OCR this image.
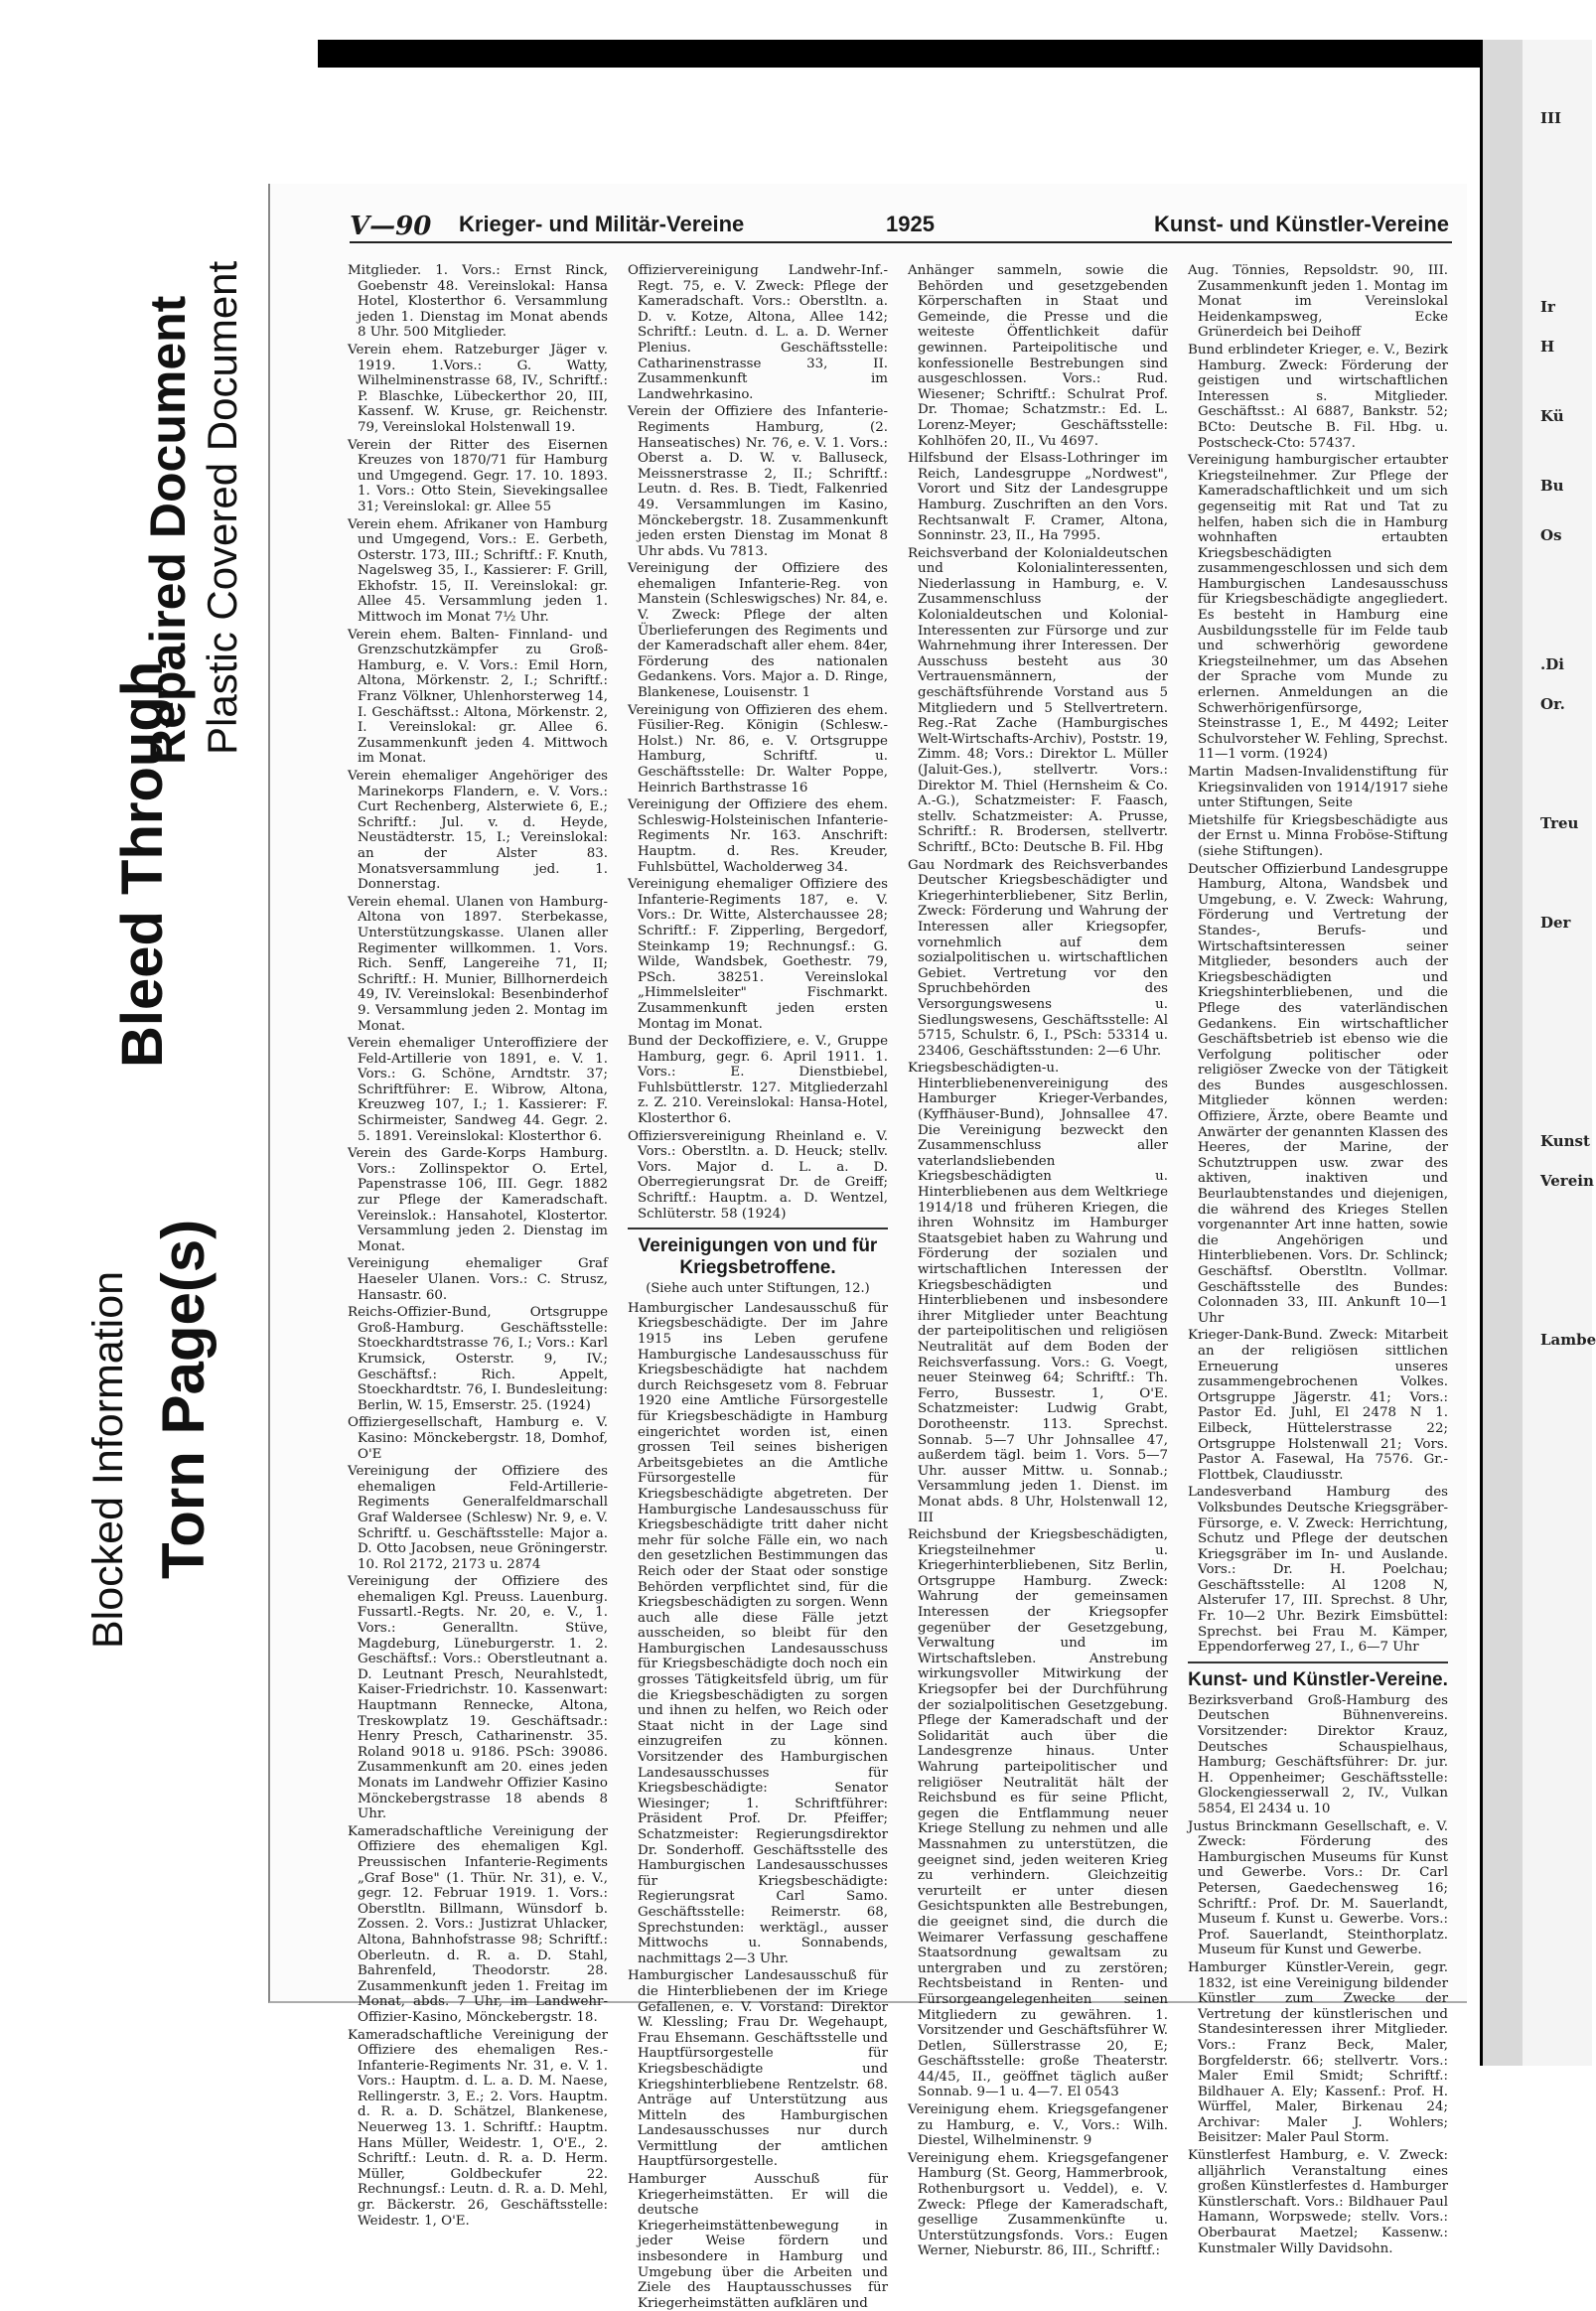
Blocked Information Torn Page(s)
Bleed Through
Repaired Document Plastic Covered Document
III
Ir
H
Kü
Bu
Os
.Di
Or.
Treu
Der
Kunst
Verein
Lambe
V—90 Krieger- und Militär-Vereine	1925	Kunst- und Künstler-Vereine

Mitglieder. 1. Vors.: Ernst Rinck, Goebenstr 48. Vereinslokal: Hansa Hotel, Klosterthor 6. Versammlung jeden 1. Dienstag im Monat abends 8 Uhr. 500 Mitglieder.

Verein ehem. Ratzeburger Jäger v. 1919. 1.Vors.: G. Watty, Wilhelminenstrasse 68, IV., Schriftf.: P. Blaschke, Lübeckerthor 20, III, Kassenf. W. Kruse, gr. Reichenstr. 79, Vereinslokal Holstenwall 19.

Verein der Ritter des Eisernen Kreuzes von 1870/71 für Hamburg und Umgegend. Gegr. 17. 10. 1893. 1. Vors.: Otto Stein, Sievekingsallee 31; Vereinslokal: gr. Allee 55

Verein ehem. Afrikaner von Hamburg und Umgegend, Vors.: E. Gerbeth, Osterstr. 173, III.; Schriftf.: F. Knuth, Nagelsweg 35, I., Kassierer: F. Grill, Ekhofstr. 15, II. Vereinslokal: gr. Allee 45. Versammlung jeden 1. Mittwoch im Monat 7½ Uhr.

Verein ehem. Balten- Finnland- und Grenzschutzkämpfer zu Groß-Hamburg, e. V. Vors.: Emil Horn, Altona, Mörkenstr. 2, I.; Schriftf.: Franz Völkner, Uhlenhorsterweg 14, I. Geschäftsst.: Altona, Mörkenstr. 2, I. Vereinslokal: gr. Allee 6. Zusammenkunft jeden 4. Mittwoch im Monat.

Verein ehemaliger Angehöriger des Marinekorps Flandern, e. V. Vors.: Curt Rechenberg, Alsterwiete 6, E.; Schriftf.: Jul. v. d. Heyde, Neustädterstr. 15, I.; Vereinslokal: an der Alster 83. Monatsversammlung jed. 1. Donnerstag.

Verein ehemal. Ulanen von Hamburg-Altona von 1897. Sterbekasse, Unterstützungskasse. Ulanen aller Regimenter willkommen. 1. Vors. Rich. Senff, Langereihe 71, II; Schriftf.: H. Munier, Billhornerdeich 49, IV. Vereinslokal: Besenbinderhof 9. Versammlung jeden 2. Montag im Monat.

Verein ehemaliger Unteroffiziere der Feld-Artillerie von 1891, e. V. 1. Vors.: G. Schöne, Arndtstr. 37; Schriftführer: E. Wibrow, Altona, Kreuzweg 107, I.; 1. Kassierer: F. Schirmeister, Sandweg 44. Gegr. 2. 5. 1891. Vereinslokal: Klosterthor 6.

Verein des Garde-Korps Hamburg. Vors.: Zollinspektor O. Ertel, Papenstrasse 106, III. Gegr. 1882 zur Pflege der Kameradschaft. Vereinslok.: Hansahotel, Klostertor. Versammlung jeden 2. Dienstag im Monat.

Vereinigung ehemaliger Graf Haeseler Ulanen. Vors.: C. Strusz, Hansastr. 60.

Reichs-Offizier-Bund, Ortsgruppe Groß-Hamburg. Geschäftsstelle: Stoeckhardtstrasse 76, I.; Vors.: Karl Krumsick, Osterstr. 9, IV.; Geschäftsf.: Rich. Appelt, Stoeckhardtstr. 76, I. Bundesleitung: Berlin, W. 15, Emserstr. 25. (1924)

Offiziergesellschaft, Hamburg e. V. Kasino: Mönckebergstr. 18, Domhof, O'E

Vereinigung der Offiziere des ehemaligen Feld-Artillerie-Regiments Generalfeldmarschall Graf Waldersee (Schlesw) Nr. 9, e. V. Schriftf. u. Geschäftsstelle: Major a. D. Otto Jacobsen, neue Gröningerstr. 10. Rol 2172, 2173 u. 2874

Vereinigung der Offiziere des ehemaligen Kgl. Preuss. Lauenburg. Fussartl.-Regts. Nr. 20, e. V., 1. Vors.: Generalltn. Stüve, Magdeburg, Lüneburgerstr. 1. 2. Geschäftsf.: Vors.: Oberstleutnant a. D. Leutnant Presch, Neurahlstedt, Kaiser-Friedrichstr. 10. Kassenwart: Hauptmann Rennecke, Altona, Treskowplatz 19. Geschäftsadr.: Henry Presch, Catharinenstr. 35. Roland 9018 u. 9186. PSch: 39086. Zusammenkunft am 20. eines jeden Monats im Landwehr Offizier Kasino Mönckebergstrasse 18 abends 8 Uhr.

Kameradschaftliche Vereinigung der Offiziere des ehemaligen Kgl. Preussischen Infanterie-Regiments „Graf Bose" (1. Thür. Nr. 31), e. V., gegr. 12. Februar 1919. 1. Vors.: Oberstltn. Billmann, Wünsdorf b. Zossen. 2. Vors.: Justizrat Uhlacker, Altona, Bahnhofstrasse 98; Schriftf.: Oberleutn. d. R. a. D. Stahl, Bahrenfeld, Theodorstr. 28. Zusammenkunft jeden 1. Freitag im Monat, abds. 7 Uhr, im Landwehr-Offizier-Kasino, Mönckebergstr. 18.

Kameradschaftliche Vereinigung der Offiziere des ehemaligen Res.-Infanterie-Regiments Nr. 31, e. V. 1. Vors.: Hauptm. d. L. a. D. M. Naese, Rellingerstr. 3, E.; 2. Vors. Hauptm. d. R. a. D. Schätzel, Blankenese, Neuerweg 13. 1. Schriftf.: Hauptm. Hans Müller, Weidestr. 1, O'E., 2. Schriftf.: Leutn. d. R. a. D. Herm. Müller, Goldbeckufer 22. Rechnungsf.: Leutn. d. R. a. D. Mehl, gr. Bäckerstr. 26, Geschäftsstelle: Weidestr. 1, O'E.

Offiziervereinigung Landwehr-Inf.-Regt. 75, e. V. Zweck: Pflege der Kameradschaft. Vors.: Oberstltn. a. D. v. Kotze, Altona, Allee 142; Schriftf.: Leutn. d. L. a. D. Werner Plenius. Geschäftsstelle: Catharinenstrasse 33, II. Zusammenkunft im Landwehrkasino.

Verein der Offiziere des Infanterie-Regiments Hamburg, (2. Hanseatisches) Nr. 76, e. V. 1. Vors.: Oberst a. D. W. v. Balluseck, Meissnerstrasse 2, II.; Schriftf.: Leutn. d. Res. B. Tiedt, Falkenried 49. Versammlungen im Kasino, Mönckebergstr. 18. Zusammenkunft jeden ersten Dienstag im Monat 8 Uhr abds. Vu 7813.

Vereinigung der Offiziere des ehemaligen Infanterie-Reg. von Manstein (Schleswigsches) Nr. 84, e. V. Zweck: Pflege der alten Überlieferungen des Regiments und der Kameradschaft aller ehem. 84er, Förderung des nationalen Gedankens. Vors. Major a. D. Ringe, Blankenese, Louisenstr. 1

Vereinigung von Offizieren des ehem. Füsilier-Reg. Königin (Schlesw.-Holst.) Nr. 86, e. V. Ortsgruppe Hamburg, Schriftf. u. Geschäftsstelle: Dr. Walter Poppe, Heinrich Barthstrasse 16

Vereinigung der Offiziere des ehem. Schleswig-Holsteinischen Infanterie-Regiments Nr. 163. Anschrift: Hauptm. d. Res. Kreuder, Fuhlsbüttel, Wacholderweg 34.

Vereinigung ehemaliger Offiziere des Infanterie-Regiments 187, e. V. Vors.: Dr. Witte, Alsterchaussee 28; Schriftf.: F. Zipperling, Bergedorf, Steinkamp 19; Rechnungsf.: G. Wilde, Wandsbek, Goethestr. 79, PSch. 38251. Vereinslokal „Himmelsleiter" Fischmarkt. Zusammenkunft jeden ersten Montag im Monat.

Bund der Deckoffiziere, e. V., Gruppe Hamburg, gegr. 6. April 1911. 1. Vors.: E. Dienstbiebel, Fuhlsbüttlerstr. 127. Mitgliederzahl z. Z. 210. Vereinslokal: Hansa-Hotel, Klosterthor 6.

Offiziersvereinigung Rheinland e. V. Vors.: Oberstltn. a. D. Heuck; stellv. Vors. Major d. L. a. D. Oberregierungsrat Dr. de Greiff; Schriftf.: Hauptm. a. D. Wentzel, Schlüterstr. 58 (1924)

Vereinigungen von und für Kriegsbetroffene.
(Siehe auch unter Stiftungen, 12.)

Hamburgischer Landesausschuß für Kriegsbeschädigte. Der im Jahre 1915 ins Leben gerufene Hamburgische Landesausschuss für Kriegsbeschädigte hat nachdem durch Reichsgesetz vom 8. Februar 1920 eine Amtliche Fürsorgestelle für Kriegsbeschädigte in Hamburg eingerichtet worden ist, einen grossen Teil seines bisherigen Arbeitsgebietes an die Amtliche Fürsorgestelle für Kriegsbeschädigte abgetreten. Der Hamburgische Landesausschuss für Kriegsbeschädigte tritt daher nicht mehr für solche Fälle ein, wo nach den gesetzlichen Bestimmungen das Reich oder der Staat oder sonstige Behörden verpflichtet sind, für die Kriegsbeschädigten zu sorgen. Wenn auch alle diese Fälle jetzt ausscheiden, so bleibt für den Hamburgischen Landesausschuss für Kriegsbeschädigte doch noch ein grosses Tätigkeitsfeld übrig, um für die Kriegsbeschädigten zu sorgen und ihnen zu helfen, wo Reich oder Staat nicht in der Lage sind einzugreifen zu können. Vorsitzender des Hamburgischen Landesausschusses für Kriegsbeschädigte: Senator Wiesinger; 1. Schriftführer: Präsident Prof. Dr. Pfeiffer; Schatzmeister: Regierungsdirektor Dr. Sonderhoff. Geschäftsstelle des Hamburgischen Landesausschusses für Kriegsbeschädigte: Regierungsrat Carl Samo. Geschäftsstelle: Reimerstr. 68, Sprechstunden: werktägl., ausser Mittwochs u. Sonnabends, nachmittags 2—3 Uhr.

Hamburgischer Landesausschuß für die Hinterbliebenen der im Kriege Gefallenen, e. V. Vorstand: Direktor W. Klessling; Frau Dr. Wegehaupt, Frau Ehsemann. Geschäftsstelle und Hauptfürsorgestelle für Kriegsbeschädigte und Kriegshinterbliebene Rentzelstr. 68. Anträge auf Unterstützung aus Mitteln des Hamburgischen Landesausschusses nur durch Vermittlung der amtlichen Hauptfürsorgestelle.

Hamburger Ausschuß für Kriegerheimstätten. Er will die deutsche Kriegerheimstättenbewegung in jeder Weise fördern und insbesondere in Hamburg und Umgebung über die Arbeiten und Ziele des Hauptausschusses für Kriegerheimstätten aufklären und

Anhänger sammeln, sowie die Behörden und gesetzgebenden Körperschaften in Staat und Gemeinde, die Presse und die weiteste Öffentlichkeit dafür gewinnen. Parteipolitische und konfessionelle Bestrebungen sind ausgeschlossen. Vors.: Rud. Wiesener; Schriftf.: Schulrat Prof. Dr. Thomae; Schatzmstr.: Ed. L. Lorenz-Meyer; Geschäftsstelle: Kohlhöfen 20, II., Vu 4697.

Hilfsbund der Elsass-Lothringer im Reich, Landesgruppe „Nordwest", Vorort und Sitz der Landesgruppe Hamburg. Zuschriften an den Vors. Rechtsanwalt F. Cramer, Altona, Sonninstr. 23, II., Ha 7995.

Reichsverband der Kolonialdeutschen und Kolonialinteressenten, Niederlassung in Hamburg, e. V. Zusammenschluss der Kolonialdeutschen und Kolonial-Interessenten zur Fürsorge und zur Wahrnehmung ihrer Interessen. Der Ausschuss besteht aus 30 Vertrauensmännern, der geschäftsführende Vorstand aus 5 Mitgliedern und 5 Stellvertretern. Reg.-Rat Zache (Hamburgisches Welt-Wirtschafts-Archiv), Poststr. 19, Zimm. 48; Vors.: Direktor L. Müller (Jaluit-Ges.), stellvertr. Vors.: Direktor M. Thiel (Hernsheim & Co. A.-G.), Schatzmeister: F. Faasch, stellv. Schatzmeister: A. Prusse, Schriftf.: R. Brodersen, stellvertr. Schriftf., BCto: Deutsche B. Fil. Hbg

Gau Nordmark des Reichsverbandes Deutscher Kriegsbeschädigter und Kriegerhinterbliebener, Sitz Berlin, Zweck: Förderung und Wahrung der Interessen aller Kriegsopfer, vornehmlich auf dem sozialpolitischen u. wirtschaftlichen Gebiet. Vertretung vor den Spruchbehörden des Versorgungswesens u. Siedlungswesens, Geschäftsstelle: Al 5715, Schulstr. 6, I., PSch: 53314 u. 23406, Geschäftsstunden: 2—6 Uhr.

Kriegsbeschädigten-u. Hinterbliebenenvereinigung des Hamburger Krieger-Verbandes, (Kyffhäuser-Bund), Johnsallee 47. Die Vereinigung bezweckt den Zusammenschluss aller vaterlandsliebenden Kriegsbeschädigten u. Hinterbliebenen aus dem Weltkriege 1914/18 und früheren Kriegen, die ihren Wohnsitz im Hamburger Staatsgebiet haben zu Wahrung und Förderung der sozialen und wirtschaftlichen Interessen der Kriegsbeschädigten und Hinterbliebenen und insbesondere ihrer Mitglieder unter Beachtung der parteipolitischen und religiösen Neutralität auf dem Boden der Reichsverfassung. Vors.: G. Voegt, neuer Steinweg 64; Schriftf.: Th. Ferro, Bussestr. 1, O'E. Schatzmeister: Ludwig Grabt, Dorotheenstr. 113. Sprechst. Sonnab. 5—7 Uhr Johnsallee 47, außerdem tägl. beim 1. Vors. 5—7 Uhr. ausser Mittw. u. Sonnab.; Versammlung jeden 1. Dienst. im Monat abds. 8 Uhr, Holstenwall 12, III

Reichsbund der Kriegsbeschädigten, Kriegsteilnehmer u. Kriegerhinterbliebenen, Sitz Berlin, Ortsgruppe Hamburg. Zweck: Wahrung der gemeinsamen Interessen der Kriegsopfer gegenüber der Gesetzgebung, Verwaltung und im Wirtschaftsleben. Anstrebung wirkungsvoller Mitwirkung der Kriegsopfer bei der Durchführung der sozialpolitischen Gesetzgebung. Pflege der Kameradschaft und der Solidarität auch über die Landesgrenze hinaus. Unter Wahrung parteipolitischer und religiöser Neutralität hält der Reichsbund es für seine Pflicht, gegen die Entflammung neuer Kriege Stellung zu nehmen und alle Massnahmen zu unterstützen, die geeignet sind, jeden weiteren Krieg zu verhindern. Gleichzeitig verurteilt er unter diesen Gesichtspunkten alle Bestrebungen, die geeignet sind, die durch die Weimarer Verfassung geschaffene Staatsordnung gewaltsam zu untergraben und zu zerstören; Rechtsbeistand in Renten- und Fürsorgeangelegenheiten seinen Mitgliedern zu gewähren. 1. Vorsitzender und Geschäftsführer W. Detlen, Süllerstrasse 20, E; Geschäftsstelle: große Theaterstr. 44/45, II., geöffnet täglich außer Sonnab. 9—1 u. 4—7. El 0543

Vereinigung ehem. Kriegsgefangener zu Hamburg, e. V., Vors.: Wilh. Diestel, Wilhelminenstr. 9

Vereinigung ehem. Kriegsgefangener Hamburg (St. Georg, Hammerbrook, Rothenburgsort u. Veddel), e. V. Zweck: Pflege der Kameradschaft, gesellige Zusammenkünfte u. Unterstützungsfonds. Vors.: Eugen Werner, Nieburstr. 86, III., Schriftf.:

Aug. Tönnies, Repsoldstr. 90, III. Zusammenkunft jeden 1. Montag im Monat im Vereinslokal Heidenkampsweg, Ecke Grünerdeich bei Deihoff

Bund erblindeter Krieger, e. V., Bezirk Hamburg. Zweck: Förderung der geistigen und wirtschaftlichen Interessen s. Mitglieder. Geschäftsst.: Al 6887, Bankstr. 52; BCto: Deutsche B. Fil. Hbg. u. Postscheck-Cto: 57437.

Vereinigung hamburgischer ertaubter Kriegsteilnehmer. Zur Pflege der Kameradschaftlichkeit und um sich gegenseitig mit Rat und Tat zu helfen, haben sich die in Hamburg wohnhaften ertaubten Kriegsbeschädigten zusammengeschlossen und sich dem Hamburgischen Landesausschuss für Kriegsbeschädigte angegliedert. Es besteht in Hamburg eine Ausbildungsstelle für im Felde taub und schwerhörig gewordene Kriegsteilnehmer, um das Absehen der Sprache vom Munde zu erlernen. Anmeldungen an die Schwerhörigenfürsorge, Steinstrasse 1, E., M 4492; Leiter Schulvorsteher W. Fehling, Sprechst. 11—1 vorm. (1924)

Martin Madsen-Invalidenstiftung für Kriegsinvaliden von 1914/1917 siehe unter Stiftungen, Seite

Mietshilfe für Kriegsbeschädigte aus der Ernst u. Minna Froböse-Stiftung (siehe Stiftungen).

Deutscher Offizierbund Landesgruppe Hamburg, Altona, Wandsbek und Umgebung, e. V. Zweck: Wahrung, Förderung und Vertretung der Standes-, Berufs- und Wirtschaftsinteressen seiner Mitglieder, besonders auch der Kriegsbeschädigten und Kriegshinterbliebenen, und die Pflege des vaterländischen Gedankens. Ein wirtschaftlicher Geschäftsbetrieb ist ebenso wie die Verfolgung politischer oder religiöser Zwecke von der Tätigkeit des Bundes ausgeschlossen. Mitglieder können werden: Offiziere, Ärzte, obere Beamte und Anwärter der genannten Klassen des Heeres, der Marine, der Schutztruppen usw. zwar des aktiven, inaktiven und Beurlaubtenstandes und diejenigen, die während des Krieges Stellen vorgenannter Art inne hatten, sowie die Angehörigen und Hinterbliebenen. Vors. Dr. Schlinck; Geschäftsf. Oberstltn. Vollmar. Geschäftsstelle des Bundes: Colonnaden 33, III. Ankunft 10—1 Uhr

Krieger-Dank-Bund. Zweck: Mitarbeit an der religiösen sittlichen Erneuerung unseres zusammengebrochenen Volkes. Ortsgruppe Jägerstr. 41; Vors.: Pastor Ed. Juhl, El 2478 N 1. Eilbeck, Hüttelerstrasse 22; Ortsgruppe Holstenwall 21; Vors. Pastor A. Fasewal, Ha 7576. Gr.-Flottbek, Claudiusstr.

Landesverband Hamburg des Volksbundes Deutsche Kriegsgräber-Fürsorge, e. V. Zweck: Herrichtung, Schutz und Pflege der deutschen Kriegsgräber im In- und Auslande. Vors.: Dr. H. Poelchau; Geschäftsstelle: Al 1208 N, Alsterufer 17, III. Sprechst. 8 Uhr, Fr. 10—2 Uhr. Bezirk Eimsbüttel: Sprechst. bei Frau M. Kämper, Eppendorferweg 27, I., 6—7 Uhr

Kunst- und Künstler-Vereine.

Bezirksverband Groß-Hamburg des Deutschen Bühnenvereins. Vorsitzender: Direktor Krauz, Deutsches Schauspielhaus, Hamburg; Geschäftsführer: Dr. jur. H. Oppenheimer; Geschäftsstelle: Glockengiesserwall 2, IV., Vulkan 5854, El 2434 u. 10

Justus Brinckmann Gesellschaft, e. V. Zweck: Förderung des Hamburgischen Museums für Kunst und Gewerbe. Vors.: Dr. Carl Petersen, Gaedechensweg 16; Schriftf.: Prof. Dr. M. Sauerlandt, Museum f. Kunst u. Gewerbe. Vors.: Prof. Sauerlandt, Steinthorplatz. Museum für Kunst und Gewerbe.

Hamburger Künstler-Verein, gegr. 1832, ist eine Vereinigung bildender Künstler zum Zwecke der Vertretung der künstlerischen und Standesinteressen ihrer Mitglieder. Vors.: Franz Beck, Maler, Borgfelderstr. 66; stellvertr. Vors.: Maler Emil Smidt; Schriftf.: Bildhauer A. Ely; Kassenf.: Prof. H. Würffel, Maler, Birkenau 24; Archivar: Maler J. Wohlers; Beisitzer: Maler Paul Storm.

Künstlerfest Hamburg, e. V. Zweck: alljährlich Veranstaltung eines großen Künstlerfestes d. Hamburger Künstlerschaft. Vors.: Bildhauer Paul Hamann, Worpswede; stellv. Vors.: Oberbaurat Maetzel; Kassenw.: Kunstmaler Willy Davidsohn.
